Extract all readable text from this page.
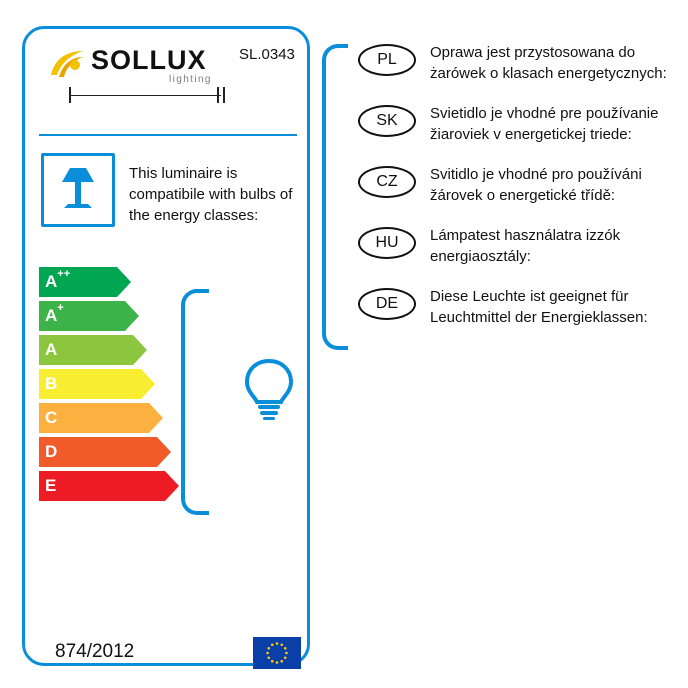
SOLLUX
lighting
SL.0343
This luminaire is compatibile with bulbs of the energy classes:
A++
A+
A
B
C
D
E
874/2012
PL	Oprawa jest przystosowana do żarówek o klasach energetycznych:
SK	Svietidlo je vhodné pre používanie žiaroviek v energetickej triede:
CZ	Svitidlo je vhodné pro používáni žárovek o energetické třídě:
HU	Lámpatest használatra izzók energiaosztály:
DE	Diese Leuchte ist geeignet für Leuchtmittel der Energieklassen:
